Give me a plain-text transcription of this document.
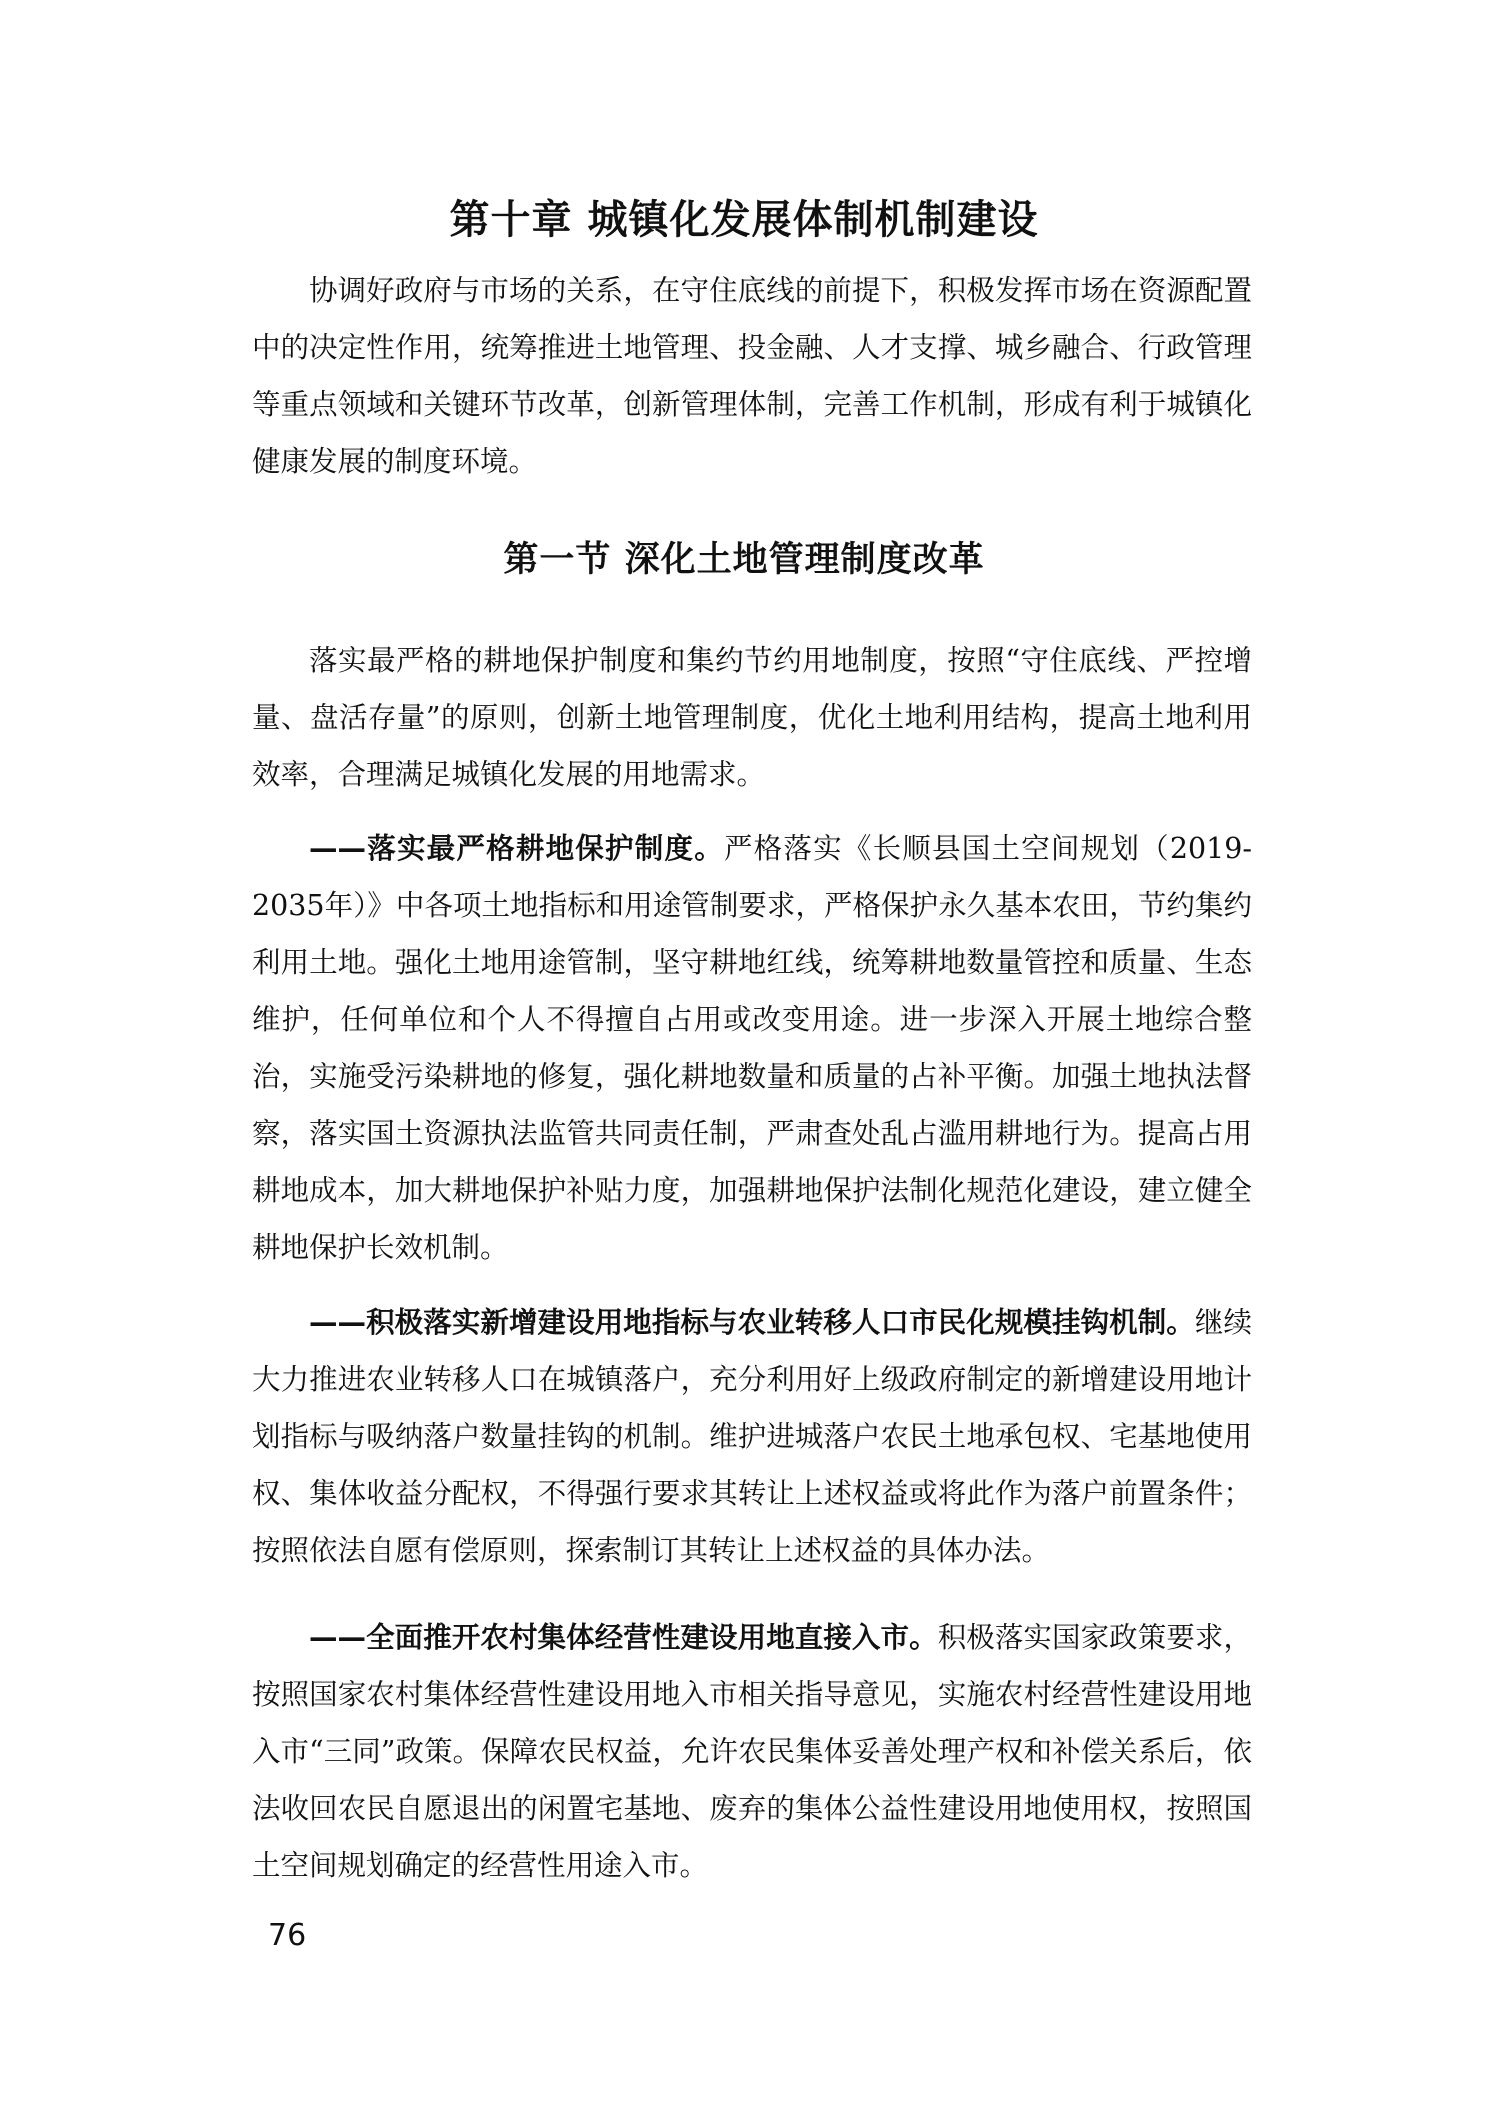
第十章 城镇化发展体制机制建设

协调好政府与市场的关系，在守住底线的前提下，积极发挥市场在资源配置中的决定性作用，统筹推进土地管理、投金融、人才支撑、城乡融合、行政管理等重点领域和关键环节改革，创新管理体制，完善工作机制，形成有利于城镇化健康发展的制度环境。

第一节 深化土地管理制度改革

落实最严格的耕地保护制度和集约节约用地制度，按照“守住底线、严控增量、盘活存量”的原则，创新土地管理制度，优化土地利用结构，提高土地利用效率，合理满足城镇化发展的用地需求。

——落实最严格耕地保护制度。严格落实《长顺县国土空间规划（2019-2035年）》中各项土地指标和用途管制要求，严格保护永久基本农田，节约集约利用土地。强化土地用途管制，坚守耕地红线，统筹耕地数量管控和质量、生态维护，任何单位和个人不得擅自占用或改变用途。进一步深入开展土地综合整治，实施受污染耕地的修复，强化耕地数量和质量的占补平衡。加强土地执法督察，落实国土资源执法监管共同责任制，严肃查处乱占滥用耕地行为。提高占用耕地成本，加大耕地保护补贴力度，加强耕地保护法制化规范化建设，建立健全耕地保护长效机制。

——积极落实新增建设用地指标与农业转移人口市民化规模挂钩机制。继续大力推进农业转移人口在城镇落户，充分利用好上级政府制定的新增建设用地计划指标与吸纳落户数量挂钩的机制。维护进城落户农民土地承包权、宅基地使用权、集体收益分配权，不得强行要求其转让上述权益或将此作为落户前置条件；按照依法自愿有偿原则，探索制订其转让上述权益的具体办法。

——全面推开农村集体经营性建设用地直接入市。积极落实国家政策要求，按照国家农村集体经营性建设用地入市相关指导意见，实施农村经营性建设用地入市“三同”政策。保障农民权益，允许农民集体妥善处理产权和补偿关系后，依法收回农民自愿退出的闲置宅基地、废弃的集体公益性建设用地使用权，按照国土空间规划确定的经营性用途入市。

76
